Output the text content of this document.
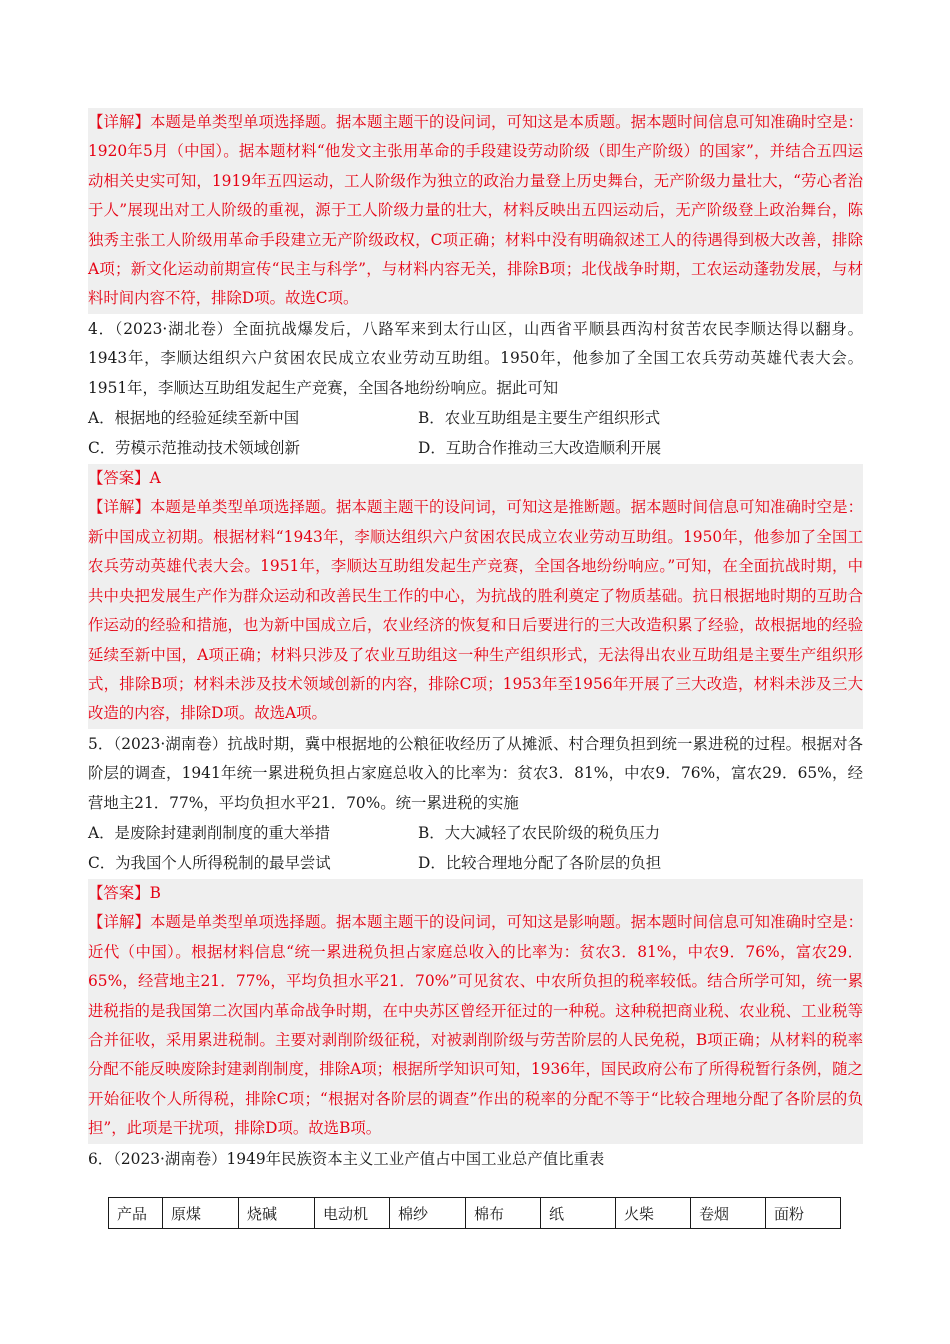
【详解】本题是单类型单项选择题。据本题主题干的设问词，可知这是本质题。据本题时间信息可知准确时空是：1920年5月（中国）。据本题材料“他发文主张用革命的手段建设劳动阶级（即生产阶级）的国家”，并结合五四运动相关史实可知，1919年五四运动，工人阶级作为独立的政治力量登上历史舞台，无产阶级力量壮大，“劳心者治于人”展现出对工人阶级的重视，源于工人阶级力量的壮大，材料反映出五四运动后，无产阶级登上政治舞台，陈独秀主张工人阶级用革命手段建立无产阶级政权，C项正确；材料中没有明确叙述工人的待遇得到极大改善，排除A项；新文化运动前期宣传“民主与科学”，与材料内容无关，排除B项；北伐战争时期，工农运动蓬勃发展，与材料时间内容不符，排除D项。故选C项。
4．（2023·湖北卷）全面抗战爆发后，八路军来到太行山区，山西省平顺县西沟村贫苦农民李顺达得以翻身。1943年，李顺达组织六户贫困农民成立农业劳动互助组。1950年，他参加了全国工农兵劳动英雄代表大会。1951年，李顺达互助组发起生产竞赛，全国各地纷纷响应。据此可知
A．根据地的经验延续至新中国	B．农业互助组是主要生产组织形式
C．劳模示范推动技术领域创新	D．互助合作推动三大改造顺利开展
【答案】A
【详解】本题是单类型单项选择题。据本题主题干的设问词，可知这是推断题。据本题时间信息可知准确时空是：新中国成立初期。根据材料“1943年，李顺达组织六户贫困农民成立农业劳动互助组。1950年，他参加了全国工农兵劳动英雄代表大会。1951年，李顺达互助组发起生产竞赛，全国各地纷纷响应。”可知，在全面抗战时期，中共中央把发展生产作为群众运动和改善民生工作的中心，为抗战的胜利奠定了物质基础。抗日根据地时期的互助合作运动的经验和措施，也为新中国成立后，农业经济的恢复和日后要进行的三大改造积累了经验，故根据地的经验延续至新中国，A项正确；材料只涉及了农业互助组这一种生产组织形式，无法得出农业互助组是主要生产组织形式，排除B项；材料未涉及技术领域创新的内容，排除C项；1953年至1956年开展了三大改造，材料未涉及三大改造的内容，排除D项。故选A项。
5．（2023·湖南卷）抗战时期，冀中根据地的公粮征收经历了从摊派、村合理负担到统一累进税的过程。根据对各阶层的调查，1941年统一累进税负担占家庭总收入的比率为：贫农3．81%，中农9．76%，富农29．65%，经营地主21．77%，平均负担水平21．70%。统一累进税的实施
A．是废除封建剥削制度的重大举措	B．大大减轻了农民阶级的税负压力
C．为我国个人所得税制的最早尝试	D．比较合理地分配了各阶层的负担
【答案】B
【详解】本题是单类型单项选择题。据本题主题干的设问词，可知这是影响题。据本题时间信息可知准确时空是：近代（中国）。根据材料信息“统一累进税负担占家庭总收入的比率为：贫农3．81%，中农9．76%，富农29．65%，经营地主21．77%，平均负担水平21．70%”可见贫农、中农所负担的税率较低。结合所学可知，统一累进税指的是我国第二次国内革命战争时期，在中央苏区曾经开征过的一种税。这种税把商业税、农业税、工业税等合并征收，采用累进税制。主要对剥削阶级征税，对被剥削阶级与劳苦阶层的人民免税，B项正确；从材料的税率分配不能反映废除封建剥削制度，排除A项；根据所学知识可知，1936年，国民政府公布了所得税暂行条例，随之开始征收个人所得税，排除C项；“根据对各阶层的调查”作出的税率的分配不等于“比较合理地分配了各阶层的负担”，此项是干扰项，排除D项。故选B项。
6．（2023·湖南卷）1949年民族资本主义工业产值占中国工业总产值比重表
产品	原煤	烧碱	电动机	棉纱	棉布	纸	火柴	卷烟	面粉
